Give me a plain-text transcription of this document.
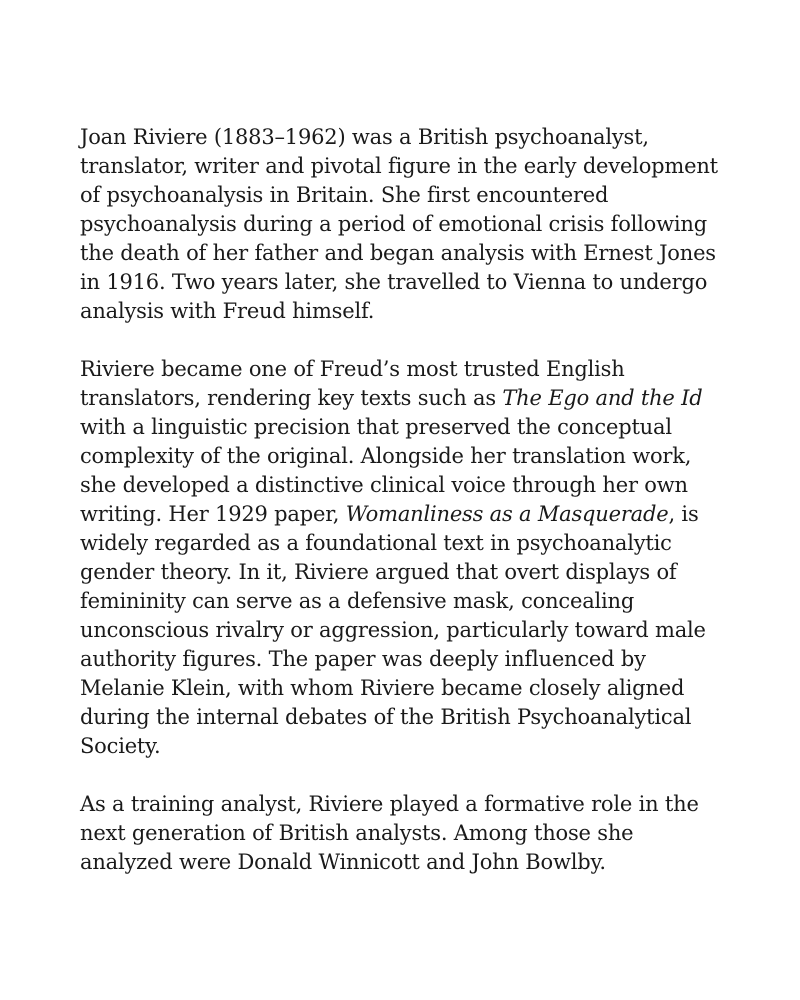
Joan Riviere (1883–1962) was a British psychoanalyst, translator, writer and pivotal figure in the early development of psychoanalysis in Britain. She first encountered psychoanalysis during a period of emotional crisis following the death of her father and began analysis with Ernest Jones in 1916. Two years later, she travelled to Vienna to undergo analysis with Freud himself.

Riviere became one of Freud’s most trusted English translators, rendering key texts such as The Ego and the Id with a linguistic precision that preserved the conceptual complexity of the original. Alongside her translation work, she developed a distinctive clinical voice through her own writing. Her 1929 paper, Womanliness as a Masquerade, is widely regarded as a foundational text in psychoanalytic gender theory. In it, Riviere argued that overt displays of femininity can serve as a defensive mask, concealing unconscious rivalry or aggression, particularly toward male authority figures. The paper was deeply influenced by Melanie Klein, with whom Riviere became closely aligned during the internal debates of the British Psychoanalytical Society.

As a training analyst, Riviere played a formative role in the next generation of British analysts. Among those she analyzed were Donald Winnicott and John Bowlby.
